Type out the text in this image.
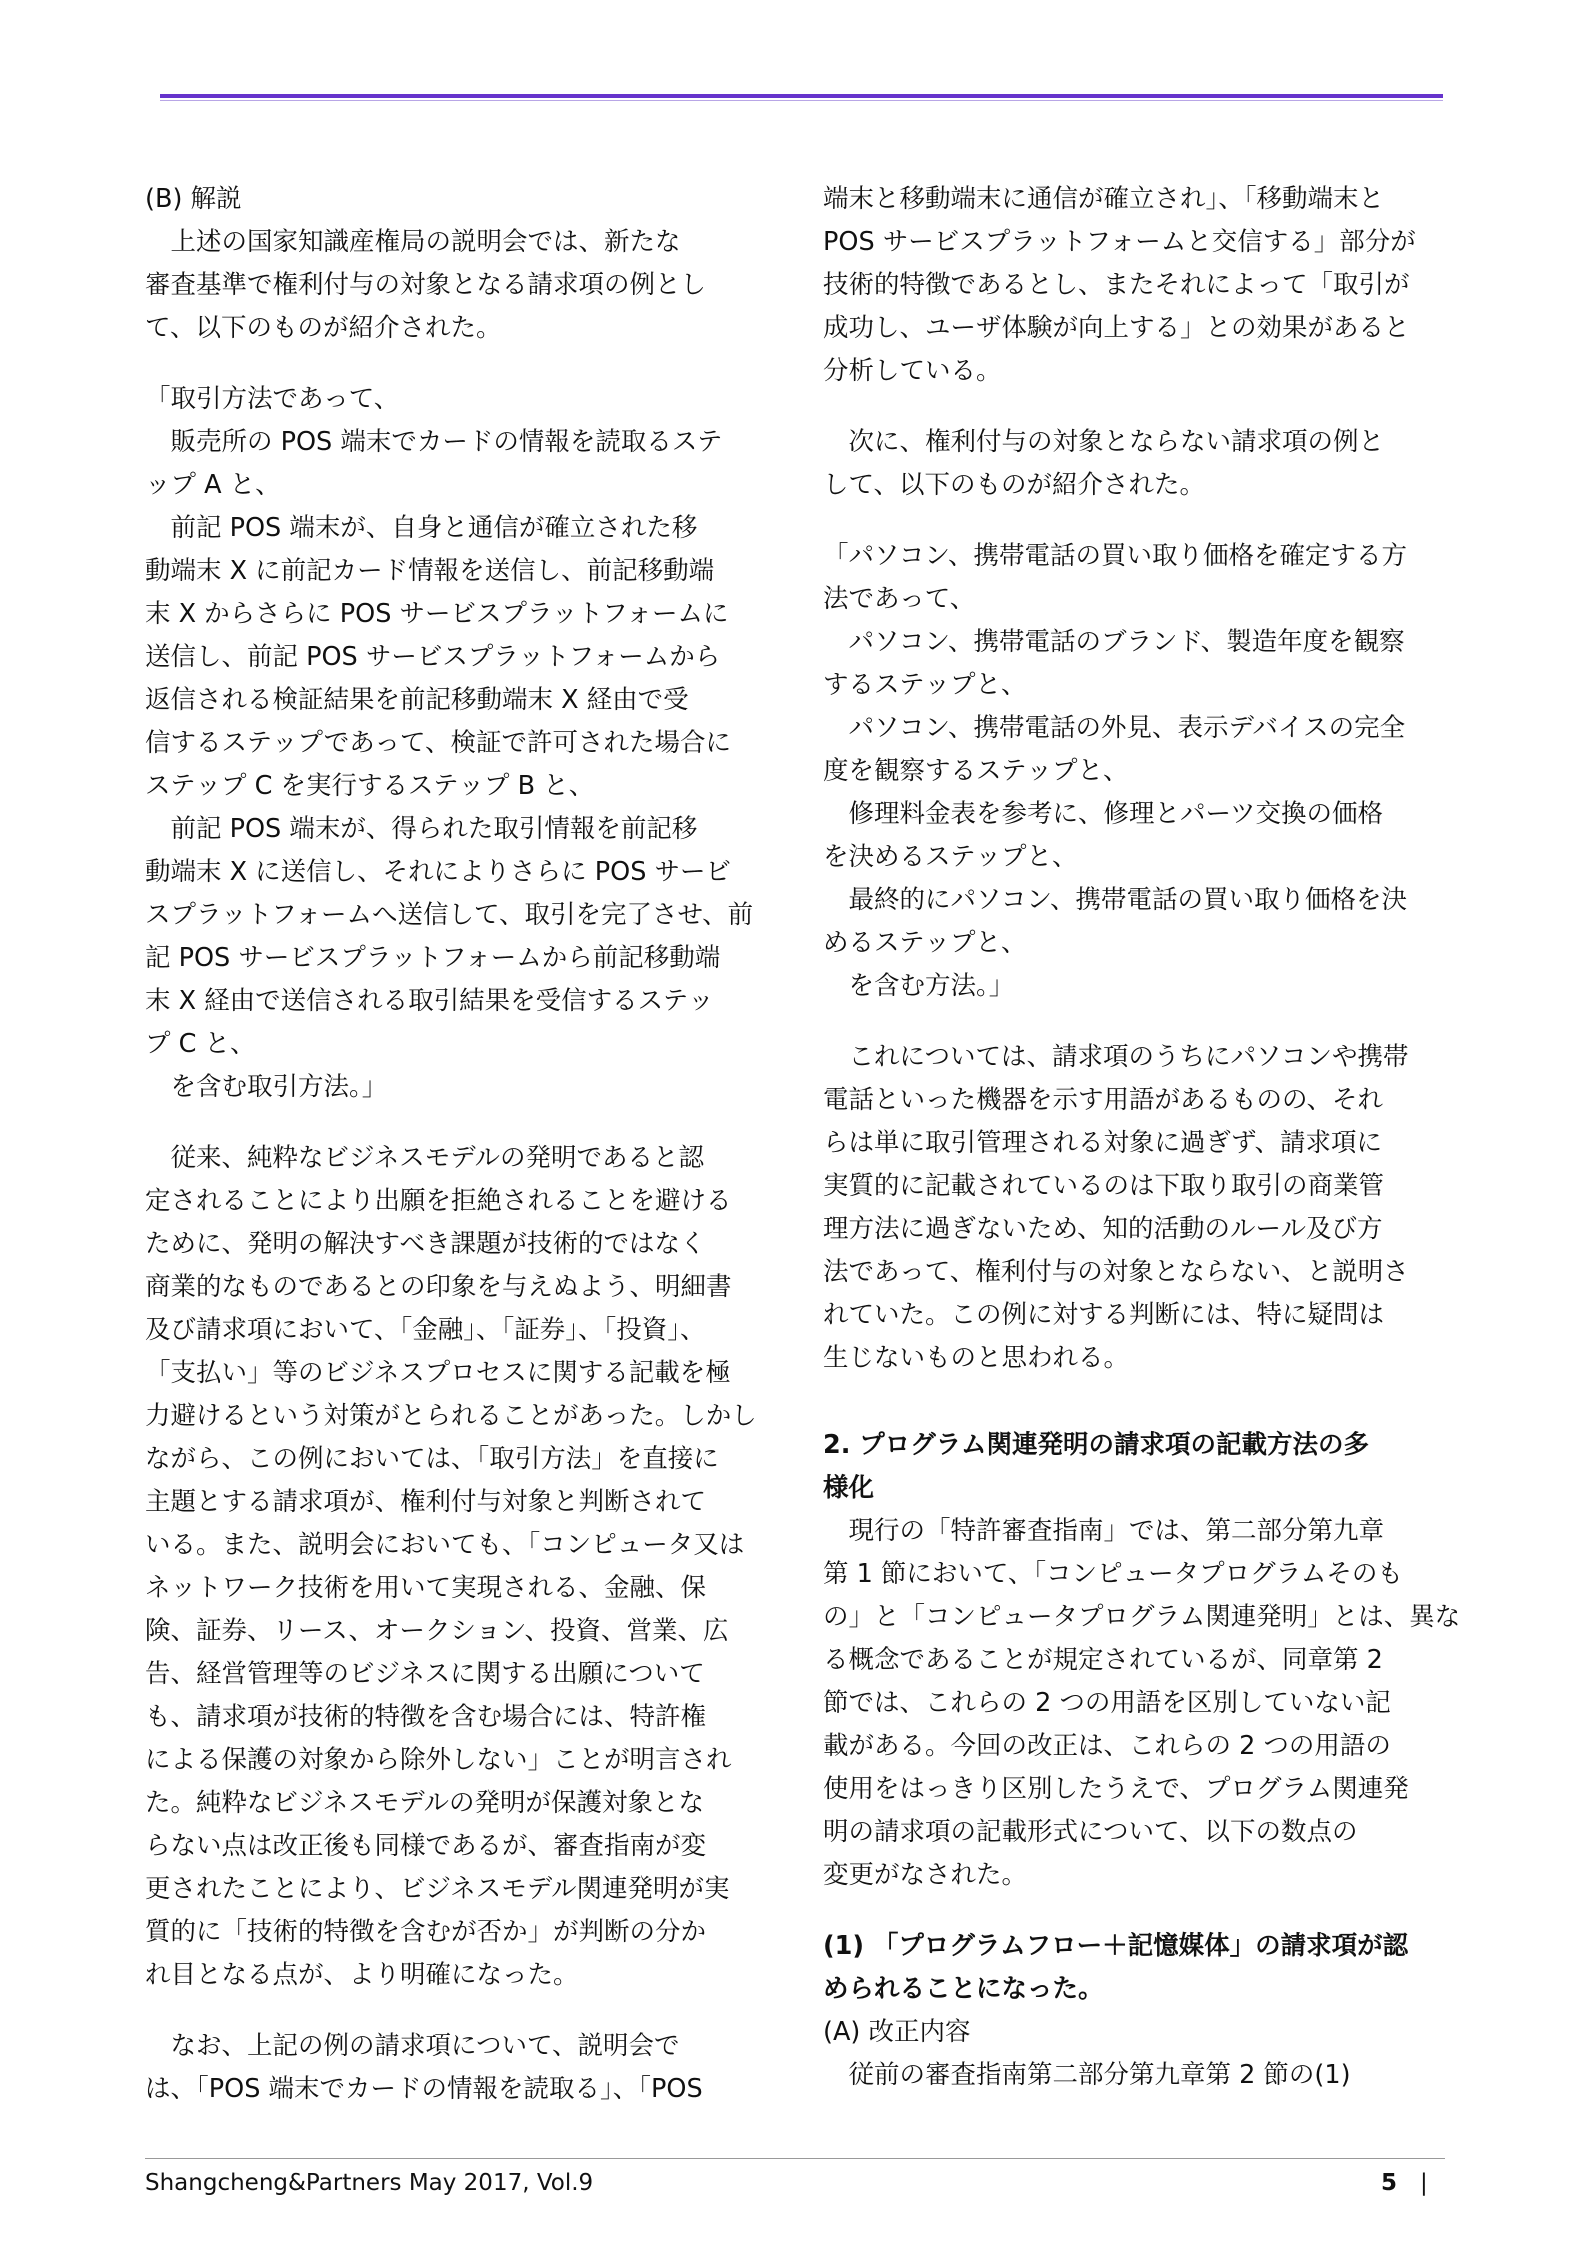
(B) 解説

　上述の国家知識産権局の説明会では、新たな

審査基準で権利付与の対象となる請求項の例とし

て、以下のものが紹介された。

「取引方法であって、

　販売所の POS 端末でカードの情報を読取るステ

ップ A と、

　前記 POS 端末が、自身と通信が確立された移

動端末 X に前記カード情報を送信し、前記移動端

末 X からさらに POS サービスプラットフォームに

送信し、前記 POS サービスプラットフォームから

返信される検証結果を前記移動端末 X 経由で受

信するステップであって、検証で許可された場合に

ステップ C を実行するステップ B と、

　前記 POS 端末が、得られた取引情報を前記移

動端末 X に送信し、それによりさらに POS サービ

スプラットフォームへ送信して、取引を完了させ、前

記 POS サービスプラットフォームから前記移動端

末 X 経由で送信される取引結果を受信するステッ

プ C と、

　を含む取引方法。」

　従来、純粋なビジネスモデルの発明であると認

定されることにより出願を拒絶されることを避ける

ために、発明の解決すべき課題が技術的ではなく

商業的なものであるとの印象を与えぬよう、明細書

及び請求項において、「金融」、「証券」、「投資」、

「支払い」等のビジネスプロセスに関する記載を極

力避けるという対策がとられることがあった。しかし

ながら、この例においては、「取引方法」を直接に

主題とする請求項が、権利付与対象と判断されて

いる。また、説明会においても、「コンピュータ又は

ネットワーク技術を用いて実現される、金融、保

険、証券、リース、オークション、投資、営業、広

告、経営管理等のビジネスに関する出願について

も、請求項が技術的特徴を含む場合には、特許権

による保護の対象から除外しない」ことが明言され

た。純粋なビジネスモデルの発明が保護対象とな

らない点は改正後も同様であるが、審査指南が変

更されたことにより、ビジネスモデル関連発明が実

質的に「技術的特徴を含むが否か」が判断の分か

れ目となる点が、より明確になった。

　なお、上記の例の請求項について、説明会で

は、「POS 端末でカードの情報を読取る」、「POS

端末と移動端末に通信が確立され」、「移動端末と

POS サービスプラットフォームと交信する」部分が

技術的特徴であるとし、またそれによって「取引が

成功し、ユーザ体験が向上する」との効果があると

分析している。

　次に、権利付与の対象とならない請求項の例と

して、以下のものが紹介された。

「パソコン、携帯電話の買い取り価格を確定する方

法であって、

　パソコン、携帯電話のブランド、製造年度を観察

するステップと、

　パソコン、携帯電話の外見、表示デバイスの完全

度を観察するステップと、

　修理料金表を参考に、修理とパーツ交換の価格

を決めるステップと、

　最終的にパソコン、携帯電話の買い取り価格を決

めるステップと、

　を含む方法。」

　これについては、請求項のうちにパソコンや携帯

電話といった機器を示す用語があるものの、それ

らは単に取引管理される対象に過ぎず、請求項に

実質的に記載されているのは下取り取引の商業管

理方法に過ぎないため、知的活動のルール及び方

法であって、権利付与の対象とならない、と説明さ

れていた。この例に対する判断には、特に疑問は

生じないものと思われる。

2. プログラム関連発明の請求項の記載方法の多

様化

　現行の「特許審査指南」では、第二部分第九章

第 1 節において、「コンピュータプログラムそのも

の」と「コンピュータプログラム関連発明」とは、異な

る概念であることが規定されているが、同章第 2

節では、これらの 2 つの用語を区別していない記

載がある。今回の改正は、これらの 2 つの用語の

使用をはっきり区別したうえで、プログラム関連発

明の請求項の記載形式について、以下の数点の

変更がなされた。

(1) 「プログラムフロー＋記憶媒体」の請求項が認

められることになった。

(A) 改正内容

　従前の審査指南第二部分第九章第 2 節の(1)

Shangcheng&Partners May 2017, Vol.9	5 |
